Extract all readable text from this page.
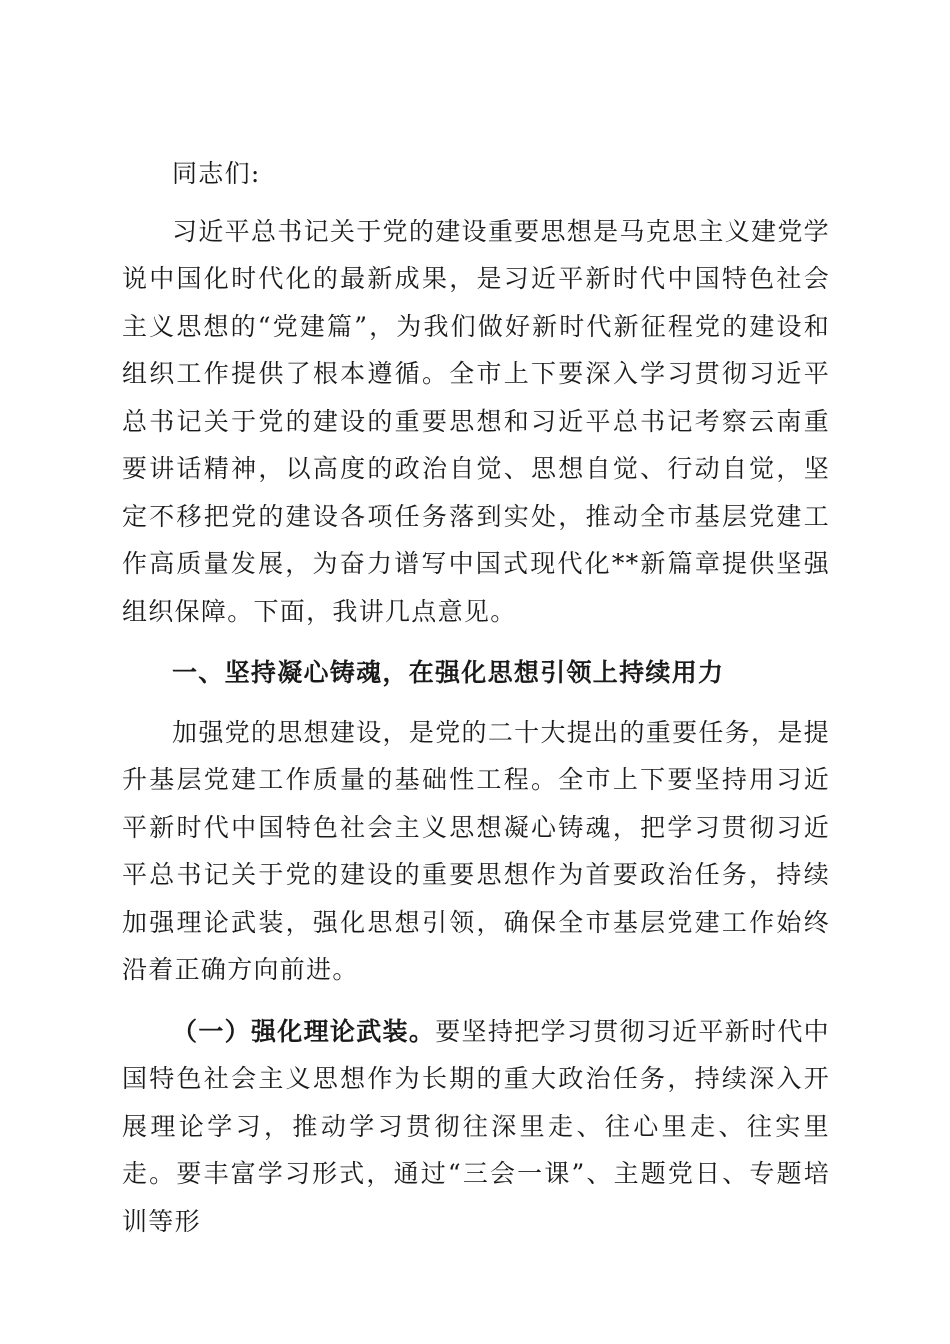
同志们:

习近平总书记关于党的建设重要思想是马克思主义建党学说中国化时代化的最新成果，是习近平新时代中国特色社会主义思想的“党建篇”，为我们做好新时代新征程党的建设和组织工作提供了根本遵循。全市上下要深入学习贯彻习近平总书记关于党的建设的重要思想和习近平总书记考察云南重要讲话精神，以高度的政治自觉、思想自觉、行动自觉，坚定不移把党的建设各项任务落到实处，推动全市基层党建工作高质量发展，为奋力谱写中国式现代化**新篇章提供坚强组织保障。下面，我讲几点意见。

一、坚持凝心铸魂，在强化思想引领上持续用力

加强党的思想建设，是党的二十大提出的重要任务，是提升基层党建工作质量的基础性工程。全市上下要坚持用习近平新时代中国特色社会主义思想凝心铸魂，把学习贯彻习近平总书记关于党的建设的重要思想作为首要政治任务，持续加强理论武装，强化思想引领，确保全市基层党建工作始终沿着正确方向前进。

（一）强化理论武装。要坚持把学习贯彻习近平新时代中国特色社会主义思想作为长期的重大政治任务，持续深入开展理论学习，推动学习贯彻往深里走、往心里走、往实里走。要丰富学习形式，通过“三会一课”、主题党日、专题培训等形
